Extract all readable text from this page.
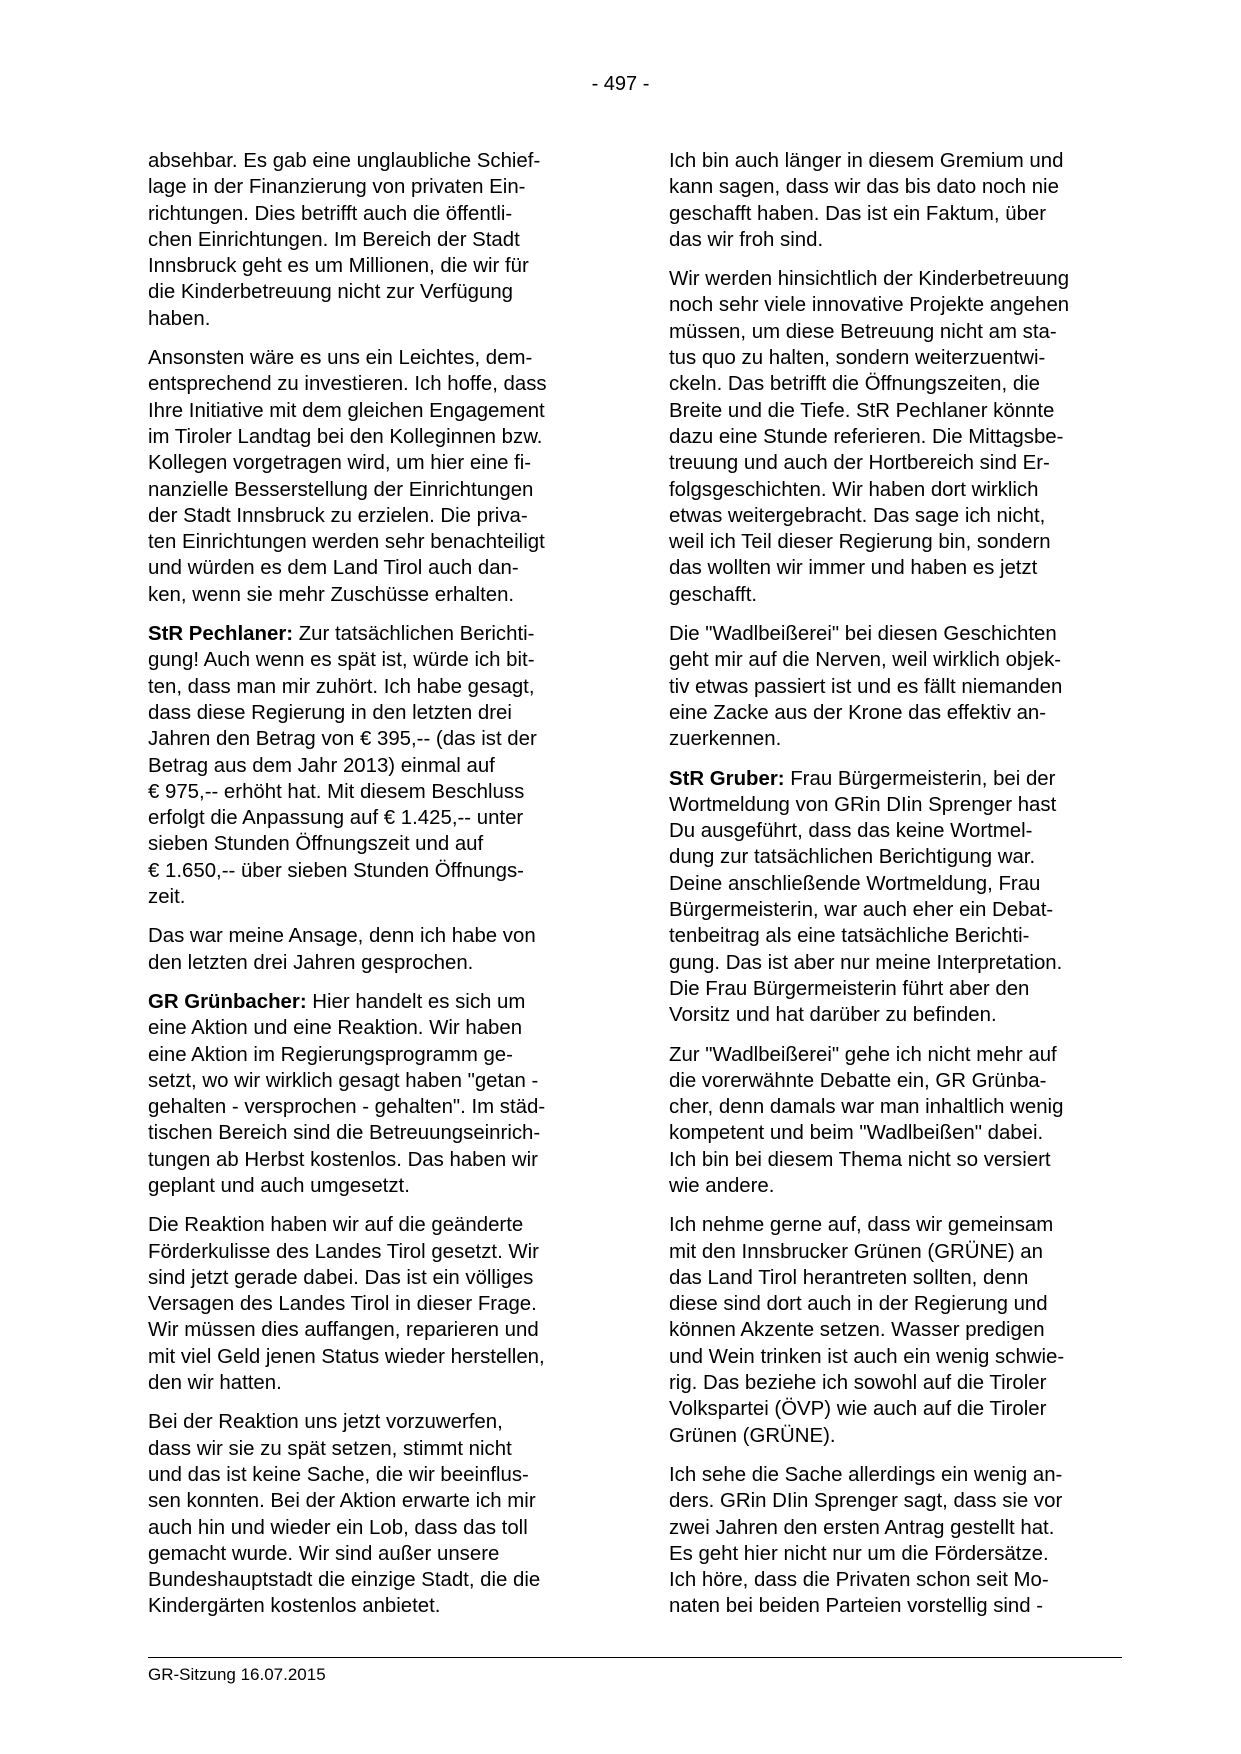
- 497 -

absehbar. Es gab eine unglaubliche Schief-
lage in der Finanzierung von privaten Ein-
richtungen. Dies betrifft auch die öffentli-
chen Einrichtungen. Im Bereich der Stadt
Innsbruck geht es um Millionen, die wir für
die Kinderbetreuung nicht zur Verfügung
haben.

Ansonsten wäre es uns ein Leichtes, dem-
entsprechend zu investieren. Ich hoffe, dass
Ihre Initiative mit dem gleichen Engagement
im Tiroler Landtag bei den Kolleginnen bzw.
Kollegen vorgetragen wird, um hier eine fi-
nanzielle Besserstellung der Einrichtungen
der Stadt Innsbruck zu erzielen. Die priva-
ten Einrichtungen werden sehr benachteiligt
und würden es dem Land Tirol auch dan-
ken, wenn sie mehr Zuschüsse erhalten.

StR Pechlaner: Zur tatsächlichen Berichti-
gung! Auch wenn es spät ist, würde ich bit-
ten, dass man mir zuhört. Ich habe gesagt,
dass diese Regierung in den letzten drei
Jahren den Betrag von € 395,-- (das ist der
Betrag aus dem Jahr 2013) einmal auf
€ 975,-- erhöht hat. Mit diesem Beschluss
erfolgt die Anpassung auf € 1.425,-- unter
sieben Stunden Öffnungszeit und auf
€ 1.650,-- über sieben Stunden Öffnungs-
zeit.

Das war meine Ansage, denn ich habe von
den letzten drei Jahren gesprochen.

GR Grünbacher: Hier handelt es sich um
eine Aktion und eine Reaktion. Wir haben
eine Aktion im Regierungsprogramm ge-
setzt, wo wir wirklich gesagt haben "getan -
gehalten - versprochen - gehalten". Im städ-
tischen Bereich sind die Betreuungseinrich-
tungen ab Herbst kostenlos. Das haben wir
geplant und auch umgesetzt.

Die Reaktion haben wir auf die geänderte
Förderkulisse des Landes Tirol gesetzt. Wir
sind jetzt gerade dabei. Das ist ein völliges
Versagen des Landes Tirol in dieser Frage.
Wir müssen dies auffangen, reparieren und
mit viel Geld jenen Status wieder herstellen,
den wir hatten.

Bei der Reaktion uns jetzt vorzuwerfen,
dass wir sie zu spät setzen, stimmt nicht
und das ist keine Sache, die wir beeinflus-
sen konnten. Bei der Aktion erwarte ich mir
auch hin und wieder ein Lob, dass das toll
gemacht wurde. Wir sind außer unsere
Bundeshauptstadt die einzige Stadt, die die
Kindergärten kostenlos anbietet.

Ich bin auch länger in diesem Gremium und
kann sagen, dass wir das bis dato noch nie
geschafft haben. Das ist ein Faktum, über
das wir froh sind.

Wir werden hinsichtlich der Kinderbetreuung
noch sehr viele innovative Projekte angehen
müssen, um diese Betreuung nicht am sta-
tus quo zu halten, sondern weiterzuentwi-
ckeln. Das betrifft die Öffnungszeiten, die
Breite und die Tiefe. StR Pechlaner könnte
dazu eine Stunde referieren. Die Mittagsbe-
treuung und auch der Hortbereich sind Er-
folgsgeschichten. Wir haben dort wirklich
etwas weitergebracht. Das sage ich nicht,
weil ich Teil dieser Regierung bin, sondern
das wollten wir immer und haben es jetzt
geschafft.

Die "Wadlbeißerei" bei diesen Geschichten
geht mir auf die Nerven, weil wirklich objek-
tiv etwas passiert ist und es fällt niemanden
eine Zacke aus der Krone das effektiv an-
zuerkennen.

StR Gruber: Frau Bürgermeisterin, bei der
Wortmeldung von GRin DIin Sprenger hast
Du ausgeführt, dass das keine Wortmel-
dung zur tatsächlichen Berichtigung war.
Deine anschließende Wortmeldung, Frau
Bürgermeisterin, war auch eher ein Debat-
tenbeitrag als eine tatsächliche Berichti-
gung. Das ist aber nur meine Interpretation.
Die Frau Bürgermeisterin führt aber den
Vorsitz und hat darüber zu befinden.

Zur "Wadlbeißerei" gehe ich nicht mehr auf
die vorerwähnte Debatte ein, GR Grünba-
cher, denn damals war man inhaltlich wenig
kompetent und beim "Wadlbeißen" dabei.
Ich bin bei diesem Thema nicht so versiert
wie andere.

Ich nehme gerne auf, dass wir gemeinsam
mit den Innsbrucker Grünen (GRÜNE) an
das Land Tirol herantreten sollten, denn
diese sind dort auch in der Regierung und
können Akzente setzen. Wasser predigen
und Wein trinken ist auch ein wenig schwie-
rig. Das beziehe ich sowohl auf die Tiroler
Volkspartei (ÖVP) wie auch auf die Tiroler
Grünen (GRÜNE).

Ich sehe die Sache allerdings ein wenig an-
ders. GRin DIin Sprenger sagt, dass sie vor
zwei Jahren den ersten Antrag gestellt hat.
Es geht hier nicht nur um die Fördersätze.
Ich höre, dass die Privaten schon seit Mo-
naten bei beiden Parteien vorstellig sind -

GR-Sitzung 16.07.2015
